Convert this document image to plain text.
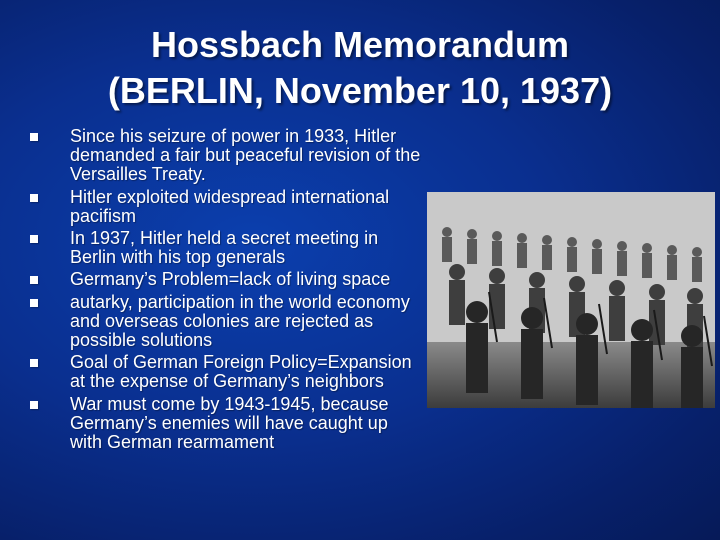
Hossbach Memorandum
(BERLIN, November 10, 1937)
Since his seizure of power in 1933, Hitler demanded a fair but peaceful revision of the Versailles Treaty.
Hitler exploited widespread international pacifism
In 1937, Hitler held a secret meeting in Berlin with his top generals
Germany’s Problem=lack of living space
autarky, participation in the world economy and overseas colonies are rejected as possible solutions
Goal of German Foreign Policy=Expansion at the expense of Germany’s neighbors
War must come by 1943-1945, because Germany’s enemies will have caught up with German rearmament
